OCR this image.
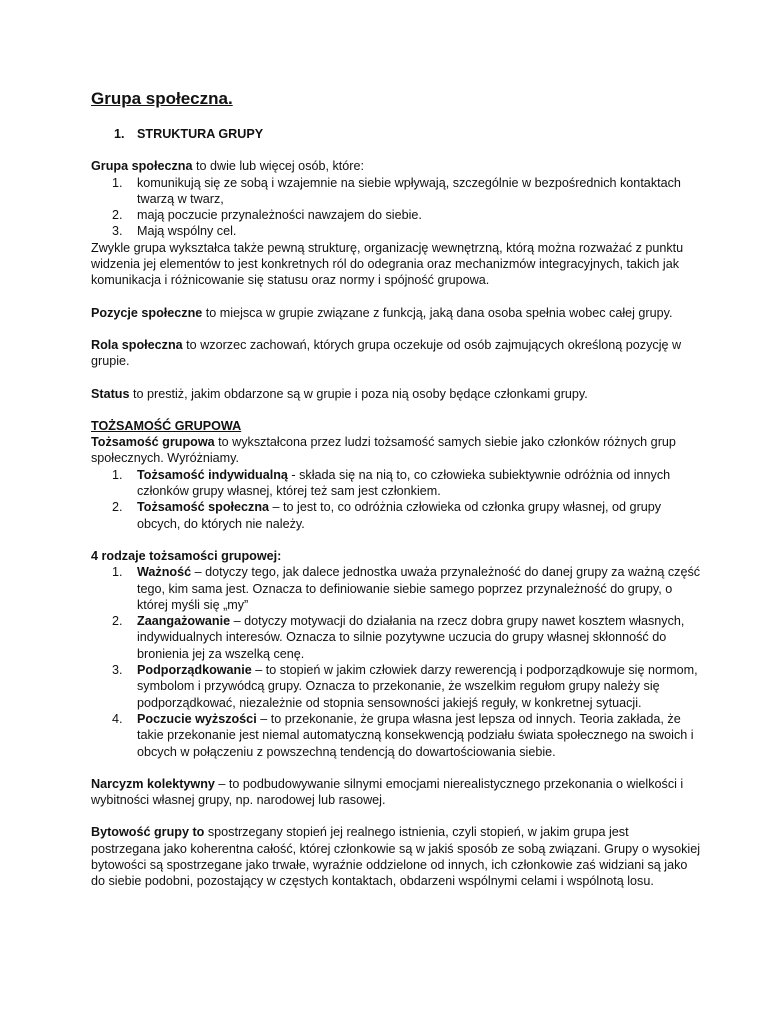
Grupa społeczna.
1. STRUKTURA GRUPY

Grupa społeczna to dwie lub więcej osób, które:

1.	komunikują się ze sobą i wzajemnie na siebie wpływają, szczególnie w bezpośrednich kontaktach twarzą w twarz,
2.	mają poczucie przynależności nawzajem do siebie.
3.	Mają wspólny cel.

Zwykle grupa wykształca także pewną strukturę, organizację wewnętrzną, którą można rozważać z punktu widzenia jej elementów to jest konkretnych ról do odegrania oraz mechanizmów integracyjnych, takich jak komunikacja i różnicowanie się statusu oraz normy i spójność grupowa.

Pozycje społeczne to miejsca w grupie związane z funkcją, jaką dana osoba spełnia wobec całej grupy.

Rola społeczna to wzorzec zachowań, których grupa oczekuje od osób zajmujących określoną pozycję w grupie.

Status to prestiż, jakim obdarzone są w grupie i poza nią osoby będące członkami grupy.

TOŻSAMOŚĆ GRUPOWA

Tożsamość grupowa to wykształcona przez ludzi tożsamość samych siebie jako członków różnych grup społecznych. Wyróżniamy.

1.	Tożsamość indywidualną - składa się na nią to, co człowieka subiektywnie odróżnia od innych członków grupy własnej, której też sam jest członkiem.
2.	Tożsamość społeczna – to jest to, co odróżnia człowieka od członka grupy własnej, od grupy obcych, do których nie należy.

4 rodzaje tożsamości grupowej:

1.	Ważność – dotyczy tego, jak dalece jednostka uważa przynależność do danej grupy za ważną część tego, kim sama jest. Oznacza to definiowanie siebie samego poprzez przynależność do grupy, o której myśli się „my”
2.	Zaangażowanie – dotyczy motywacji do działania na rzecz dobra grupy nawet kosztem własnych, indywidualnych interesów. Oznacza to silnie pozytywne uczucia do grupy własnej skłonność do bronienia jej za wszelką cenę.
3.	Podporządkowanie – to stopień w jakim człowiek darzy rewerencją i podporządkowuje się normom, symbolom i przywódcą grupy. Oznacza to przekonanie, że wszelkim regułom grupy należy się podporządkować, niezależnie od stopnia sensowności jakiejś reguły, w konkretnej sytuacji.
4.	Poczucie wyższości – to przekonanie, że grupa własna jest lepsza od innych. Teoria zakłada, że takie przekonanie jest niemal automatyczną konsekwencją podziału świata społecznego na swoich i obcych w połączeniu z powszechną tendencją do dowartościowania siebie.

Narcyzm kolektywny – to podbudowywanie silnymi emocjami nierealistycznego przekonania o wielkości i wybitności własnej grupy, np. narodowej lub rasowej.

Bytowość grupy to spostrzegany stopień jej realnego istnienia, czyli stopień, w jakim grupa jest postrzegana jako koherentna całość, której członkowie są w jakiś sposób ze sobą związani. Grupy o wysokiej bytowości są spostrzegane jako trwałe, wyraźnie oddzielone od innych, ich członkowie zaś widziani są jako do siebie podobni, pozostający w częstych kontaktach, obdarzeni wspólnymi celami i wspólnotą losu.
